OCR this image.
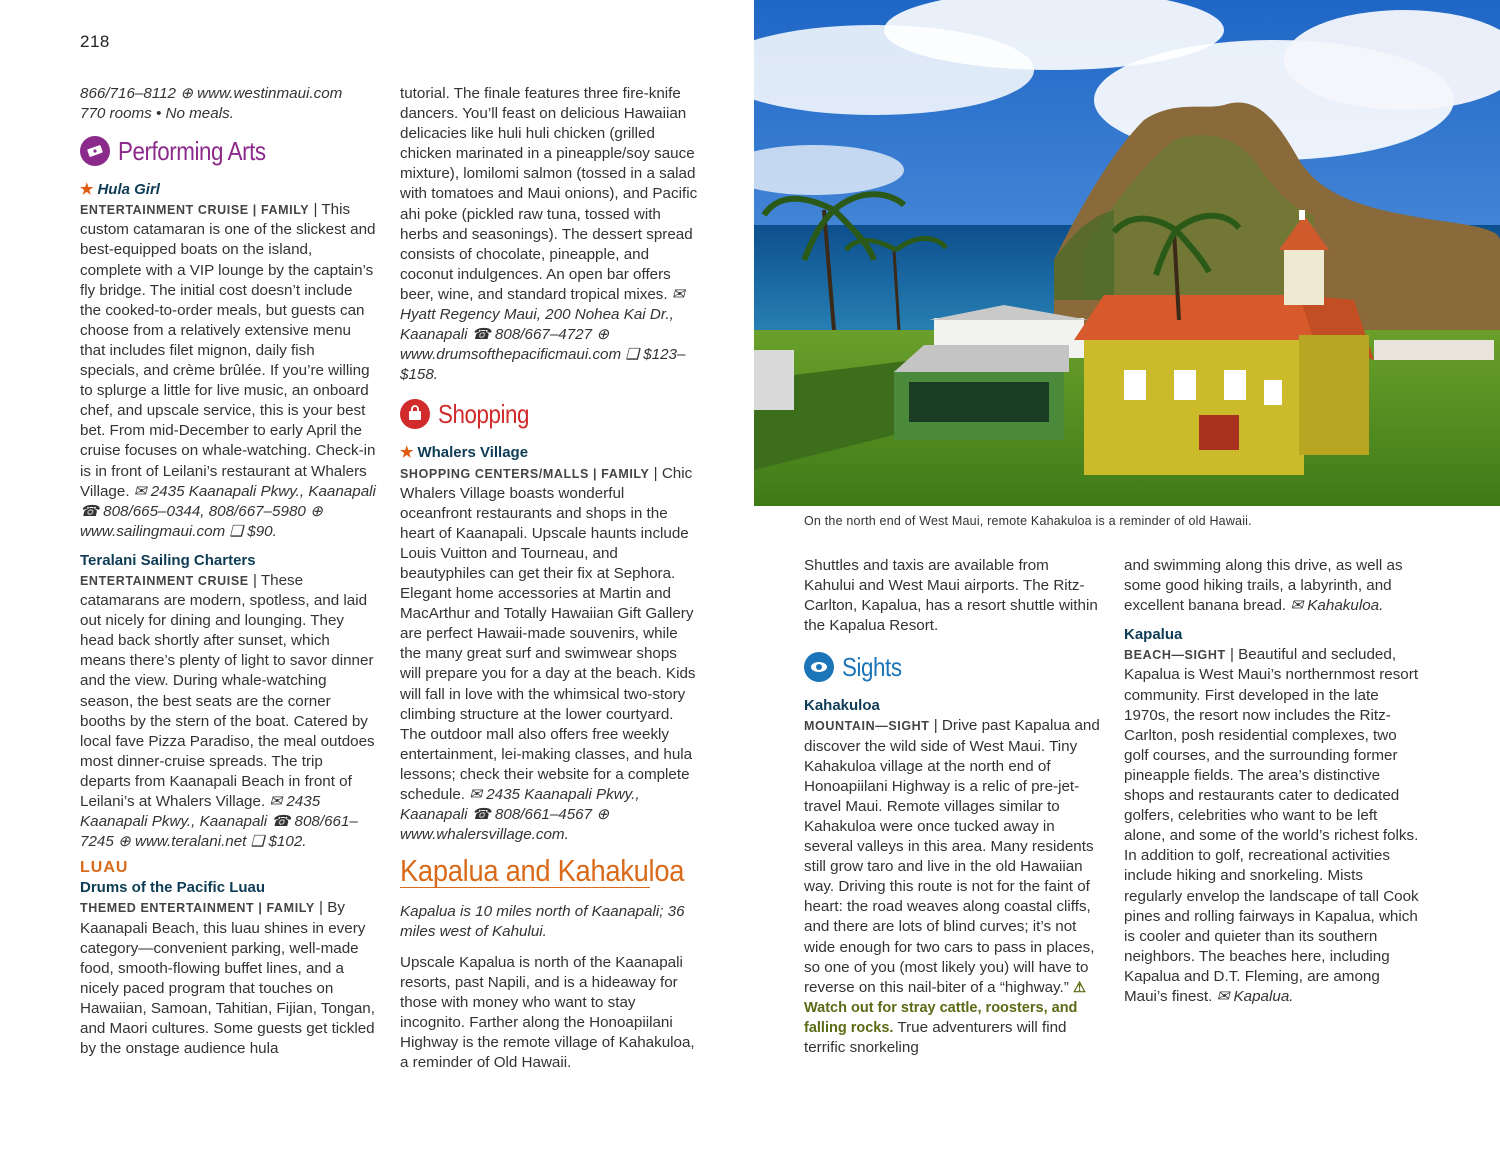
218

866/716–8112 ⊕ www.westinmaui.com

770 rooms • No meals.

Performing Arts

★ Hula Girl

ENTERTAINMENT CRUISE | FAMILY | This custom catamaran is one of the slickest and best-equipped boats on the island, complete with a VIP lounge by the captain’s fly bridge. The initial cost doesn’t include the cooked-to-order meals, but guests can choose from a relatively extensive menu that includes filet mignon, daily fish specials, and crème brûlée. If you’re willing to splurge a little for live music, an onboard chef, and upscale service, this is your best bet. From mid-December to early April the cruise focuses on whale-watching. Check-in is in front of Leilani’s restaurant at Whalers Village. ✉ 2435 Kaanapali Pkwy., Kaanapali ☎ 808/665–0344, 808/667–5980 ⊕ www.sailingmaui.com ❑ $90.

Teralani Sailing Charters

ENTERTAINMENT CRUISE | These catamarans are modern, spotless, and laid out nicely for dining and lounging. They head back shortly after sunset, which means there’s plenty of light to savor dinner and the view. During whale-watching season, the best seats are the corner booths by the stern of the boat. Catered by local fave Pizza Paradiso, the meal outdoes most dinner-cruise spreads. The trip departs from Kaanapali Beach in front of Leilani’s at Whalers Village. ✉ 2435 Kaanapali Pkwy., Kaanapali ☎ 808/661–7245 ⊕ www.teralani.net ❑ $102.

LUAU

Drums of the Pacific Luau

THEMED ENTERTAINMENT | FAMILY | By Kaanapali Beach, this luau shines in every category—convenient parking, well-made food, smooth-flowing buffet lines, and a nicely paced program that touches on Hawaiian, Samoan, Tahitian, Fijian, Tongan, and Maori cultures. Some guests get tickled by the onstage audience hula

tutorial. The finale features three fire-knife dancers. You’ll feast on delicious Hawaiian delicacies like huli huli chicken (grilled chicken marinated in a pineapple/soy sauce mixture), lomilomi salmon (tossed in a salad with tomatoes and Maui onions), and Pacific ahi poke (pickled raw tuna, tossed with herbs and seasonings). The dessert spread consists of chocolate, pineapple, and coconut indulgences. An open bar offers beer, wine, and standard tropical mixes. ✉ Hyatt Regency Maui, 200 Nohea Kai Dr., Kaanapali ☎ 808/667–4727 ⊕ www.drumsofthepacificmaui.com ❑ $123–$158.

Shopping

★ Whalers Village

SHOPPING CENTERS/MALLS | FAMILY | Chic Whalers Village boasts wonderful oceanfront restaurants and shops in the heart of Kaanapali. Upscale haunts include Louis Vuitton and Tourneau, and beautyphiles can get their fix at Sephora. Elegant home accessories at Martin and MacArthur and Totally Hawaiian Gift Gallery are perfect Hawaii-made souvenirs, while the many great surf and swimwear shops will prepare you for a day at the beach. Kids will fall in love with the whimsical two-story climbing structure at the lower courtyard. The outdoor mall also offers free weekly entertainment, lei-making classes, and hula lessons; check their website for a complete schedule. ✉ 2435 Kaanapali Pkwy., Kaanapali ☎ 808/661–4567 ⊕ www.whalersvillage.com.

Kapalua and Kahakuloa

Kapalua is 10 miles north of Kaanapali; 36 miles west of Kahului.

Upscale Kapalua is north of the Kaanapali resorts, past Napili, and is a hideaway for those with money who want to stay incognito. Farther along the Honoapiilani Highway is the remote village of Kahakuloa, a reminder of Old Hawaii.

On the north end of West Maui, remote Kahakuloa is a reminder of old Hawaii.

Shuttles and taxis are available from Kahului and West Maui airports. The Ritz-Carlton, Kapalua, has a resort shuttle within the Kapalua Resort.

Sights

Kahakuloa

MOUNTAIN—SIGHT | Drive past Kapalua and discover the wild side of West Maui. Tiny Kahakuloa village at the north end of Honoapiilani Highway is a relic of pre-jet-travel Maui. Remote villages similar to Kahakuloa were once tucked away in several valleys in this area. Many residents still grow taro and live in the old Hawaiian way. Driving this route is not for the faint of heart: the road weaves along coastal cliffs, and there are lots of blind curves; it’s not wide enough for two cars to pass in places, so one of you (most likely you) will have to reverse on this nail-biter of a “highway.” ⚠ Watch out for stray cattle, roosters, and falling rocks. True adventurers will find terrific snorkeling

and swimming along this drive, as well as some good hiking trails, a labyrinth, and excellent banana bread. ✉ Kahakuloa.

Kapalua

BEACH—SIGHT | Beautiful and secluded, Kapalua is West Maui’s northernmost resort community. First developed in the late 1970s, the resort now includes the Ritz-Carlton, posh residential complexes, two golf courses, and the surrounding former pineapple fields. The area’s distinctive shops and restaurants cater to dedicated golfers, celebrities who want to be left alone, and some of the world’s richest folks. In addition to golf, recreational activities include hiking and snorkeling. Mists regularly envelop the landscape of tall Cook pines and rolling fairways in Kapalua, which is cooler and quieter than its southern neighbors. The beaches here, including Kapalua and D.T. Fleming, are among Maui’s finest. ✉ Kapalua.
